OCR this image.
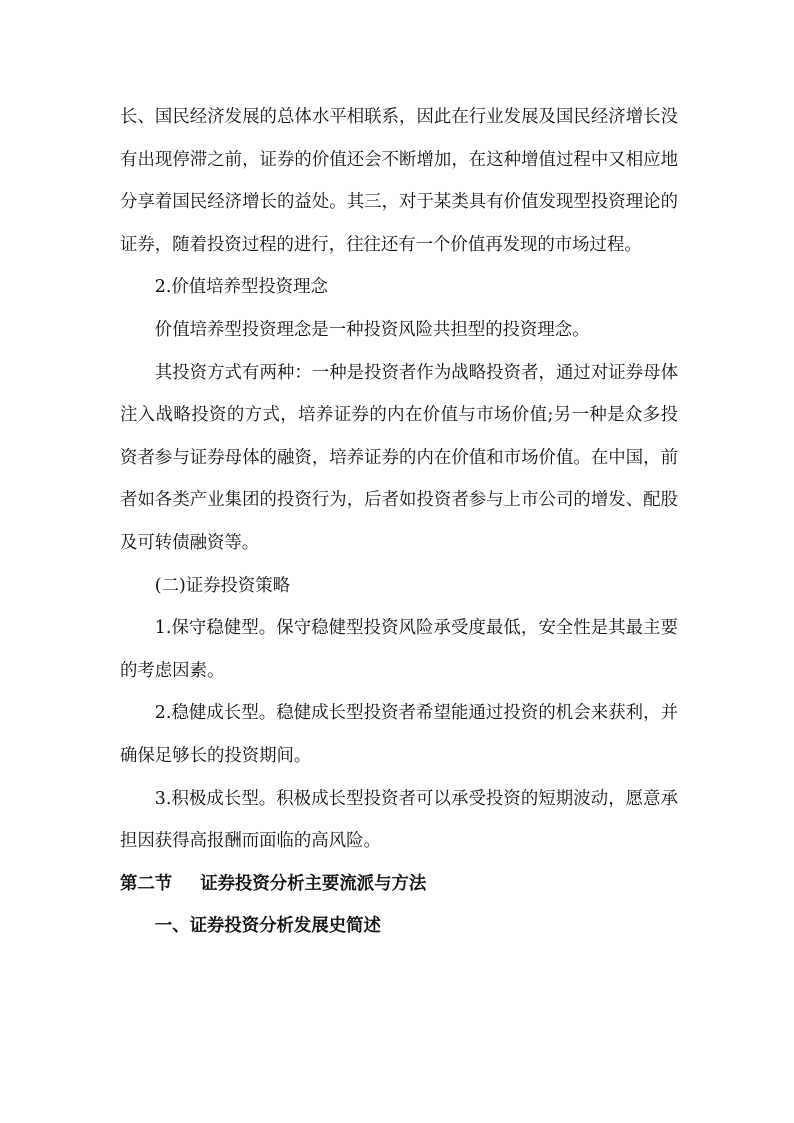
长、国民经济发展的总体水平相联系，因此在行业发展及国民经济增长没有出现停滞之前，证券的价值还会不断增加，在这种增值过程中又相应地分享着国民经济增长的益处。其三，对于某类具有价值发现型投资理论的证券，随着投资过程的进行，往往还有一个价值再发现的市场过程。

2.价值培养型投资理念

价值培养型投资理念是一种投资风险共担型的投资理念。

其投资方式有两种：一种是投资者作为战略投资者，通过对证券母体注入战略投资的方式，培养证券的内在价值与市场价值;另一种是众多投资者参与证券母体的融资，培养证券的内在价值和市场价值。在中国，前者如各类产业集团的投资行为，后者如投资者参与上市公司的增发、配股及可转债融资等。

(二)证券投资策略

1.保守稳健型。保守稳健型投资风险承受度最低，安全性是其最主要的考虑因素。

2.稳健成长型。稳健成长型投资者希望能通过投资的机会来获利，并确保足够长的投资期间。

3.积极成长型。积极成长型投资者可以承受投资的短期波动，愿意承担因获得高报酬而面临的高风险。　　　　　　　　　　　　　　

第二节 证券投资分析主要流派与方法

一、证券投资分析发展史简述
